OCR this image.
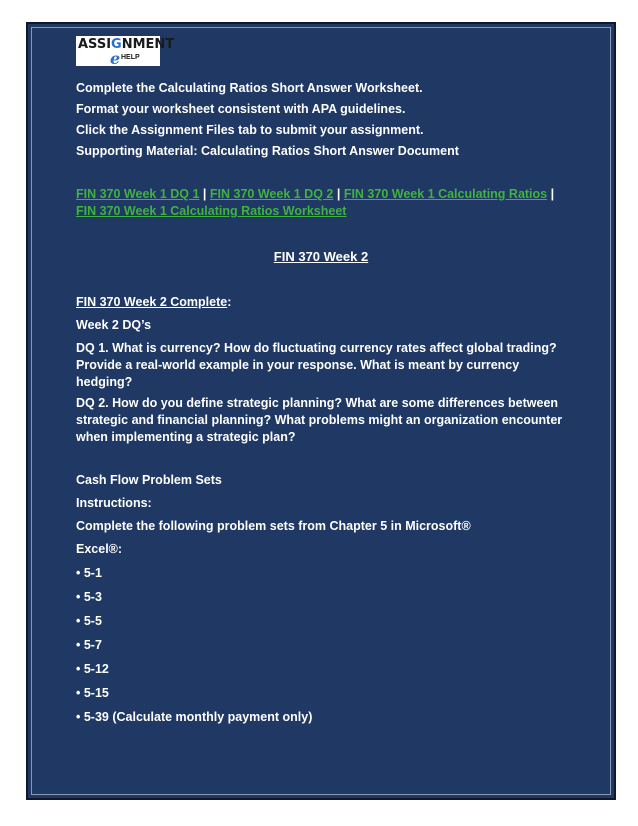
ASSIGNMENT
e HELP

Complete the Calculating Ratios Short Answer Worksheet.

Format your worksheet consistent with APA guidelines.

Click the Assignment Files tab to submit your assignment.

Supporting Material: Calculating Ratios Short Answer Document

FIN 370 Week 1 DQ 1 | FIN 370 Week 1 DQ 2 | FIN 370 Week 1 Calculating Ratios |
FIN 370 Week 1 Calculating Ratios Worksheet

FIN 370 Week 2

FIN 370 Week 2 Complete:

Week 2 DQ’s

DQ 1. What is currency? How do fluctuating currency rates affect global trading? Provide a real-world example in your response. What is meant by currency hedging?

DQ 2. How do you define strategic planning? What are some differences between strategic and financial planning? What problems might an organization encounter when implementing a strategic plan?

Cash Flow Problem Sets

Instructions:

Complete the following problem sets from Chapter 5 in Microsoft®

Excel®:

• 5-1

• 5-3

• 5-5

• 5-7

• 5-12

• 5-15

• 5-39 (Calculate monthly payment only)
